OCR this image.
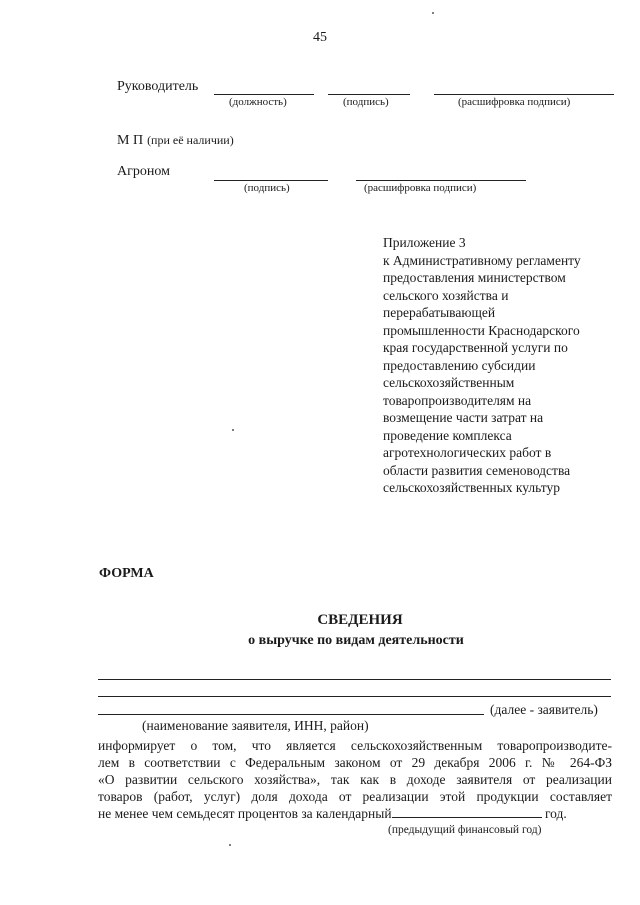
45
Руководитель
(должность)	(подпись)	(расшифровка подписи)
М П (при её наличии)
Агроном
(подпись)	(расшифровка подписи)
Приложение 3
к Административному регламенту
предоставления министерством
сельского хозяйства и
перерабатывающей
промышленности Краснодарского
края государственной услуги по
предоставлению субсидии
сельскохозяйственным
товаропроизводителям на
возмещение части затрат на
проведение комплекса
агротехнологических работ в
области развития семеноводства
сельскохозяйственных культур
ФОРМА
СВЕДЕНИЯ
о выручке по видам деятельности
(далее - заявитель)
(наименование заявителя, ИНН, район)
информирует о том, что является сельскохозяйственным товаропроизводите-
лем в соответствии с Федеральным законом от 29 декабря 2006 г. № 264-ФЗ
«О развитии сельского хозяйства», так как в доходе заявителя от реализации
товаров (работ, услуг) доля дохода от реализации этой продукции составляет
не менее чем семьдесят процентов за календарный	год.
(предыдущий финансовый год)
